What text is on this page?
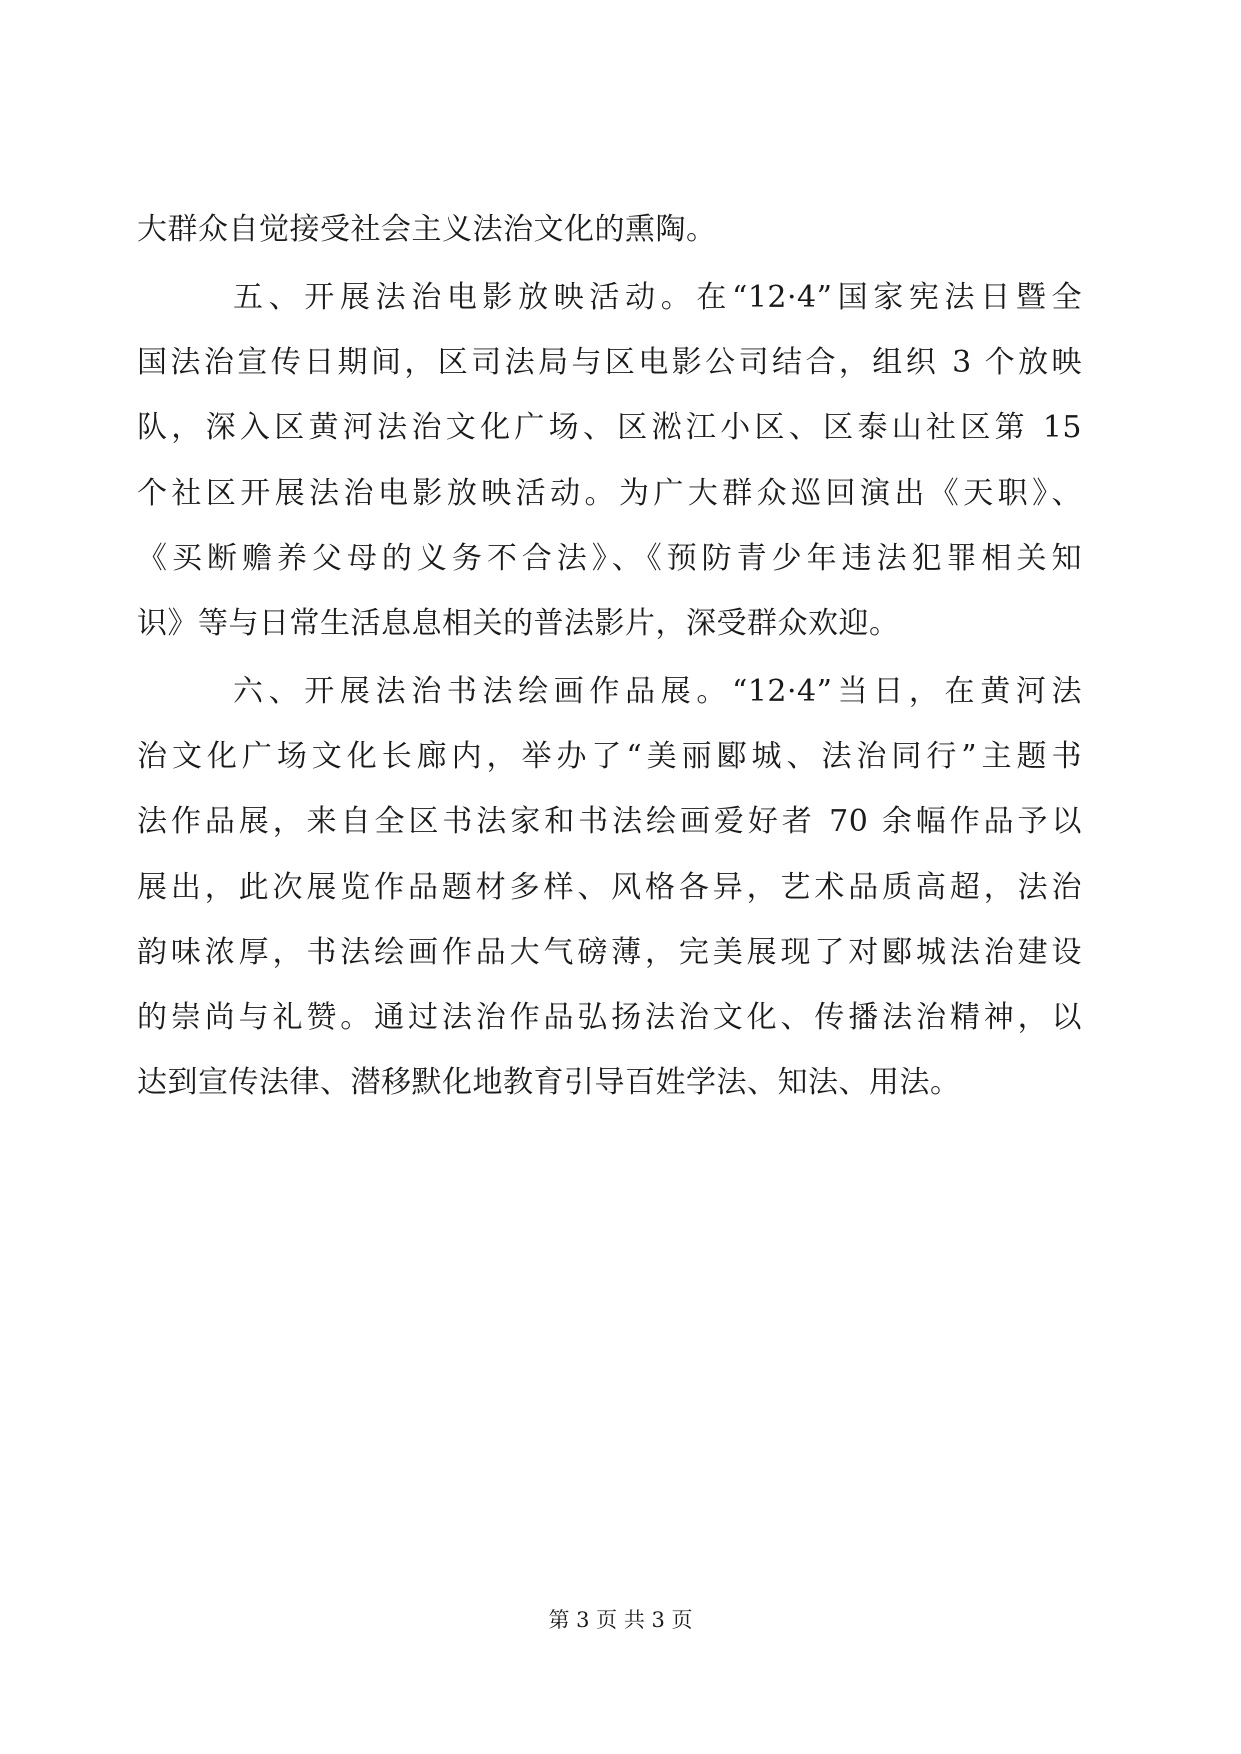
大群众自觉接受社会主义法治文化的熏陶。
五、开展法治电影放映活动。在“12·4”国家宪法日暨全
国法治宣传日期间，区司法局与区电影公司结合，组织 3 个放映
队，深入区黄河法治文化广场、区淞江小区、区泰山社区第 15
个社区开展法治电影放映活动。为广大群众巡回演出《天职》、
《买断赡养父母的义务不合法》、《预防青少年违法犯罪相关知
识》等与日常生活息息相关的普法影片，深受群众欢迎。
六、开展法治书法绘画作品展。“12·4”当日，在黄河法
治文化广场文化长廊内，举办了“美丽郾城、法治同行”主题书
法作品展，来自全区书法家和书法绘画爱好者 70 余幅作品予以
展出，此次展览作品题材多样、风格各异，艺术品质高超，法治
韵味浓厚，书法绘画作品大气磅薄，完美展现了对郾城法治建设
的崇尚与礼赞。通过法治作品弘扬法治文化、传播法治精神，以
达到宣传法律、潜移默化地教育引导百姓学法、知法、用法。
第 3 页 共 3 页
